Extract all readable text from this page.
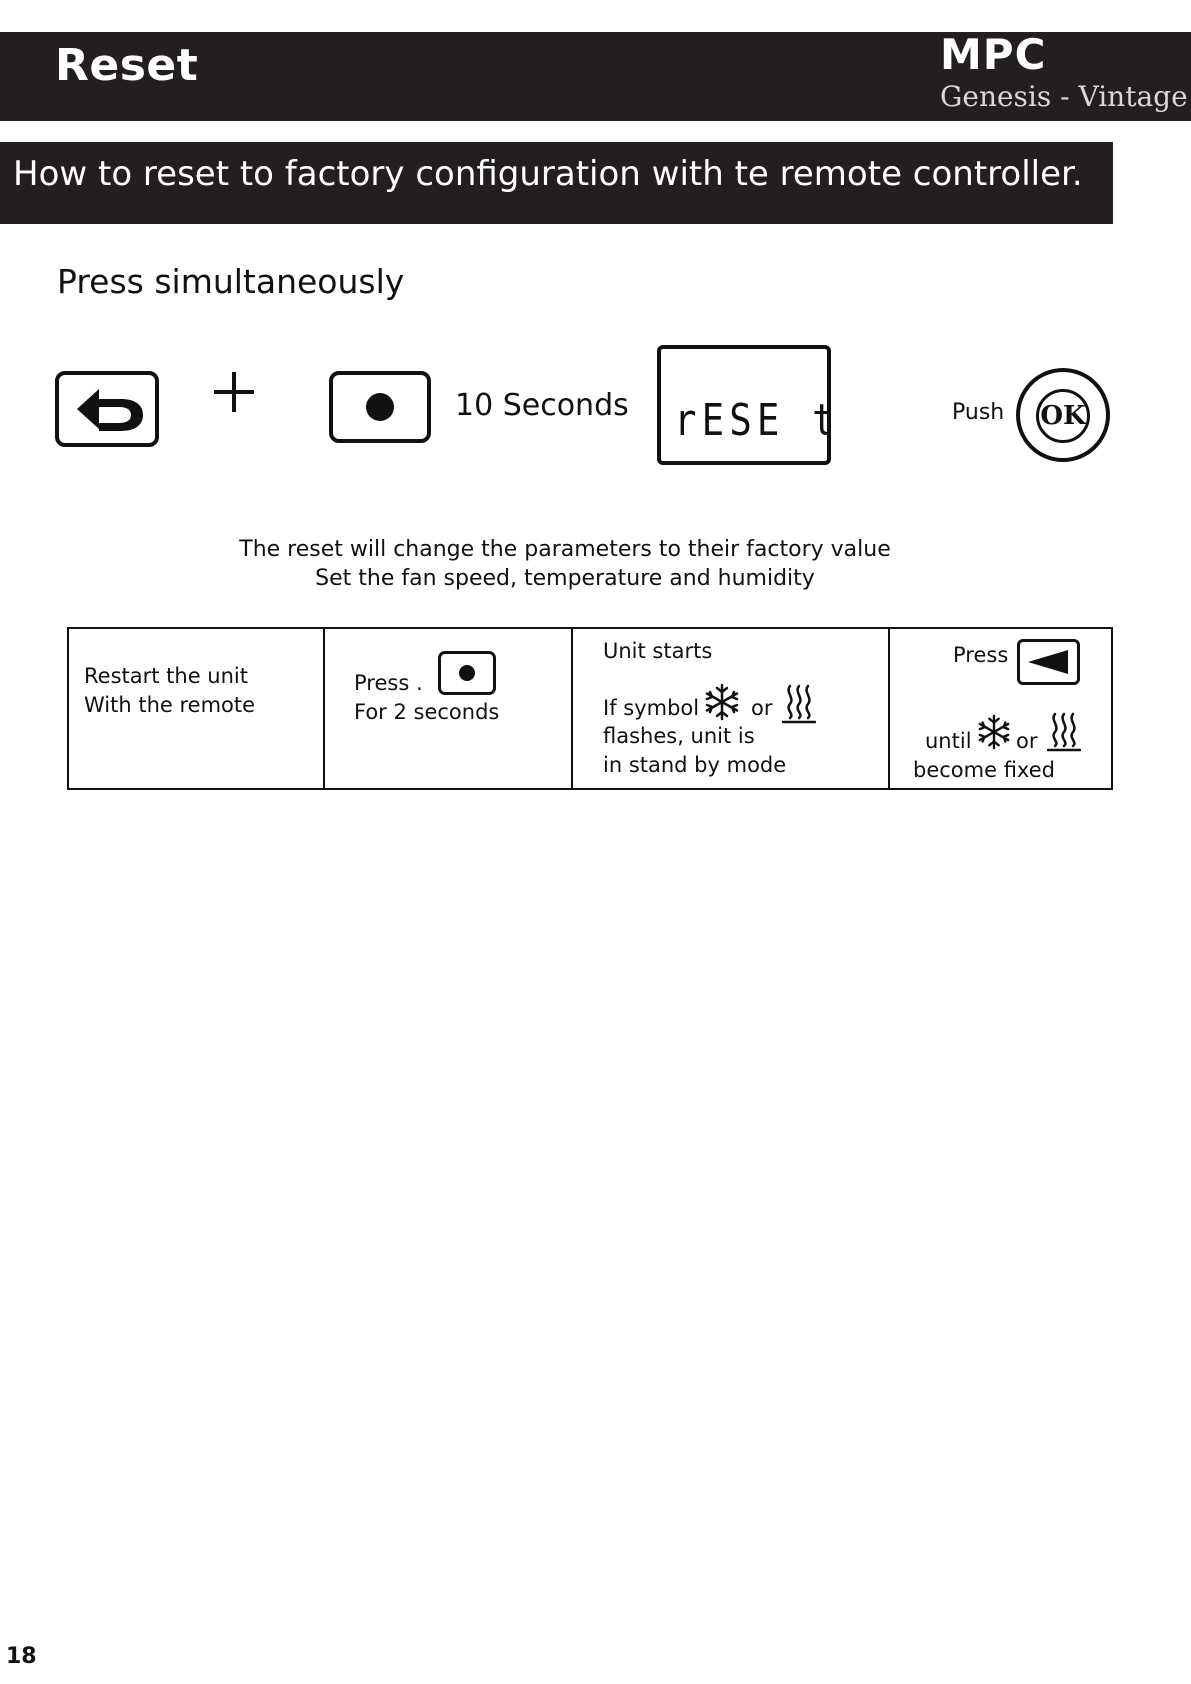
Reset	MPC
Genesis - Vintage
How to reset to factory configuration with te remote controller.
Press simultaneously
10 Seconds rESE t	Push OK
The reset will change the parameters to their factory value
Set the fan speed, temperature and humidity
Restart the unit
With the remote
Press .
For 2 seconds
Unit starts
If symbol or
flashes, unit is
in stand by mode
Press
until or
become fixed
18
